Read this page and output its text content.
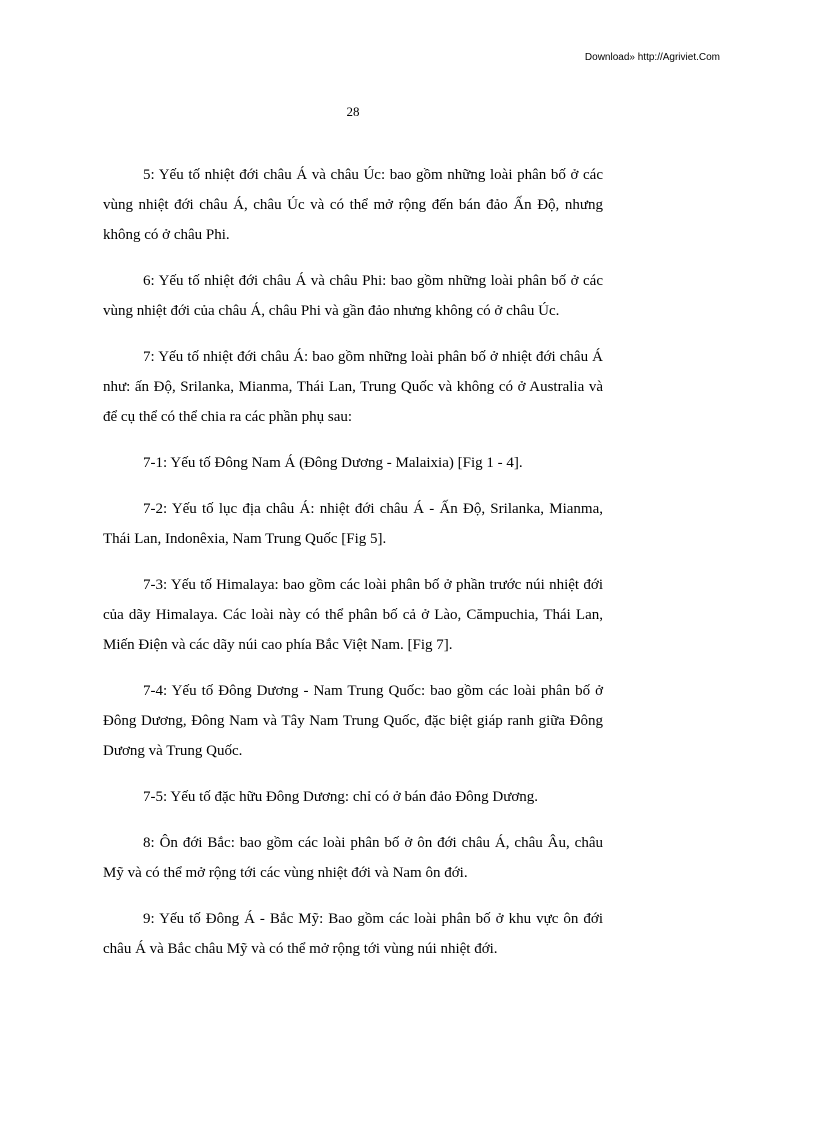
Download» http://Agriviet.Com
28

5: Yếu tố nhiệt đới châu Á và châu Úc: bao gồm những loài phân bố ở các vùng nhiệt đới châu Á, châu Úc và có thể mở rộng đến bán đảo Ấn Độ, nhưng không có ở châu Phi.

6: Yếu tố nhiệt đới châu Á và châu Phi: bao gồm những loài phân bố ở các vùng nhiệt đới của châu Á, châu Phi và gần đảo nhưng không có ở châu Úc.

7: Yếu tố nhiệt đới châu Á: bao gồm những loài phân bố ở nhiệt đới châu Á như: ấn Độ, Srilanka, Mianma, Thái Lan, Trung Quốc và không có ở Australia và để cụ thể có thể chia ra các phần phụ sau:

7-1: Yếu tố Đông Nam Á (Đông Dương - Malaixia) [Fig 1 - 4].

7-2: Yếu tố lục địa châu Á: nhiệt đới châu Á - Ấn Độ, Srilanka, Mianma, Thái Lan, Indonêxia, Nam Trung Quốc [Fig 5].

7-3: Yếu tố Himalaya: bao gồm các loài phân bố ở phần trước núi nhiệt đới của dãy Himalaya. Các loài này có thể phân bố cả ở Lào, Cămpuchia, Thái Lan, Miến Điện và các dãy núi cao phía Bắc Việt Nam. [Fig 7].

7-4: Yếu tố Đông Dương - Nam Trung Quốc: bao gồm các loài phân bố ở Đông Dương, Đông Nam và Tây Nam Trung Quốc, đặc biệt giáp ranh giữa Đông Dương và Trung Quốc.

7-5: Yếu tố đặc hữu Đông Dương: chỉ có ở bán đảo Đông Dương.

8: Ôn đới Bắc: bao gồm các loài phân bố ở ôn đới châu Á, châu Âu, châu Mỹ và có thể mở rộng tới các vùng nhiệt đới và Nam ôn đới.

9: Yếu tố Đông Á - Bắc Mỹ: Bao gồm các loài phân bố ở khu vực ôn đới châu Á và Bắc châu Mỹ và có thể mở rộng tới vùng núi nhiệt đới.
